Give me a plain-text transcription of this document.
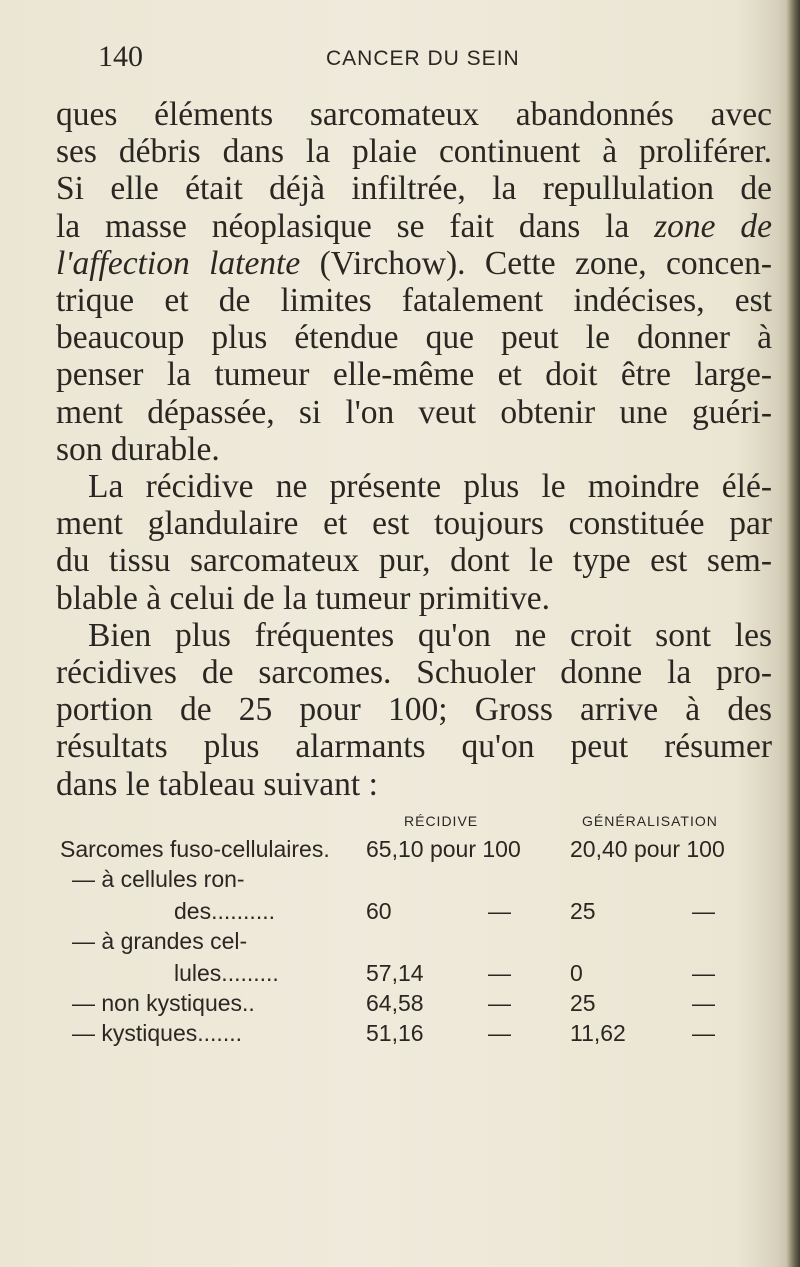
140	CANCER DU SEIN
ques éléments sarcomateux abandonnés avec
ses débris dans la plaie continuent à proliférer.
Si elle était déjà infiltrée, la repullulation de
la masse néoplasique se fait dans la zone de
l'affection latente (Virchow). Cette zone, concen-
trique et de limites fatalement indécises, est
beaucoup plus étendue que peut le donner à
penser la tumeur elle-même et doit être large-
ment dépassée, si l'on veut obtenir une guéri-
son durable.
La récidive ne présente plus le moindre élé-
ment glandulaire et est toujours constituée par
du tissu sarcomateux pur, dont le type est sem-
blable à celui de la tumeur primitive.
Bien plus fréquentes qu'on ne croit sont les
récidives de sarcomes. Schuoler donne la pro-
portion de 25 pour 100; Gross arrive à des
résultats plus alarmants qu'on peut résumer
dans le tableau suivant :
RÉCIDIVE	GÉNÉRALISATION
Sarcomes fuso-cellulaires. 65,10 pour 100 20,40 pour 100
— à cellules ron-
des..........	60	—	25	—
— à grandes cel-
lules.........	57,14	—	0	—
— non kystiques..	64,58	—	25	—
— kystiques.......	51,16	—	11,62	—
